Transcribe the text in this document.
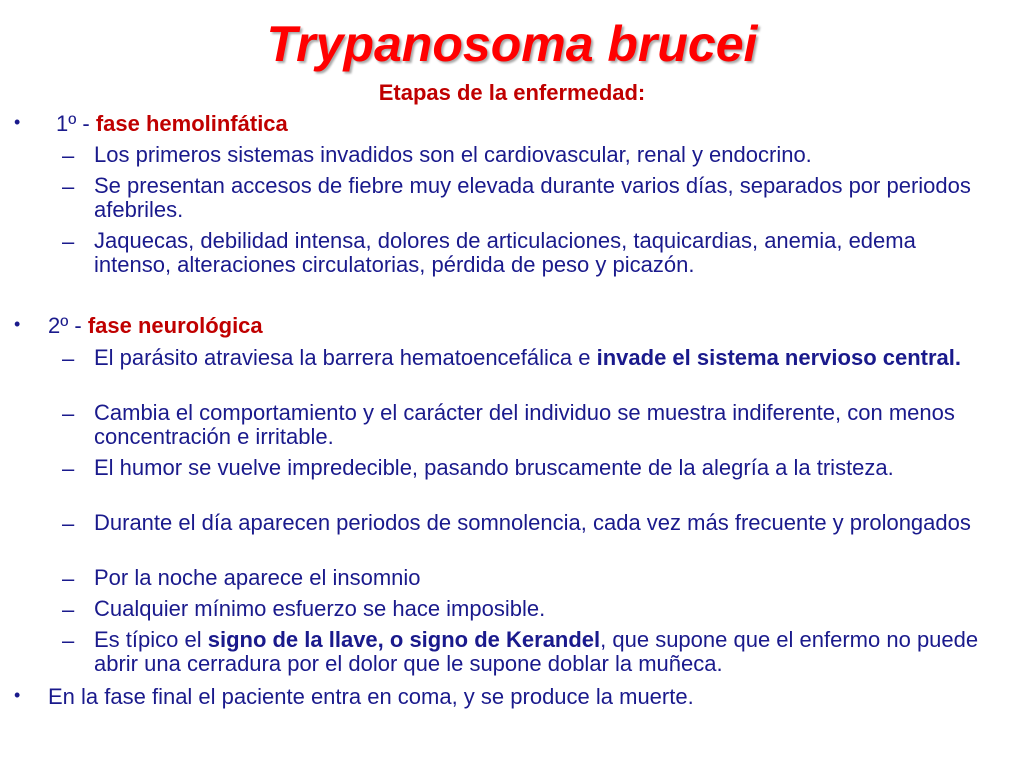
Trypanosoma brucei
Etapas de la enfermedad:
• 1º - fase hemolinfática
– Los primeros sistemas invadidos son el cardiovascular, renal y endocrino.
– Se presentan accesos de fiebre muy elevada durante varios días, separados por periodos afebriles.
– Jaquecas, debilidad intensa, dolores de articulaciones, taquicardias, anemia, edema intenso, alteraciones circulatorias, pérdida de peso y picazón.
• 2º - fase neurológica
– El parásito atraviesa la barrera hematoencefálica e invade el sistema nervioso central.
– Cambia el comportamiento y el carácter del individuo se muestra indiferente, con menos concentración e irritable.
– El humor se vuelve impredecible, pasando bruscamente de la alegría a la tristeza.
– Durante el día aparecen periodos de somnolencia, cada vez más frecuente y prolongados
– Por la noche aparece el insomnio
– Cualquier mínimo esfuerzo se hace imposible.
– Es típico el signo de la llave, o signo de Kerandel, que supone que el enfermo no puede abrir una cerradura por el dolor que le supone doblar la muñeca.
• En la fase final el paciente entra en coma, y se produce la muerte.
